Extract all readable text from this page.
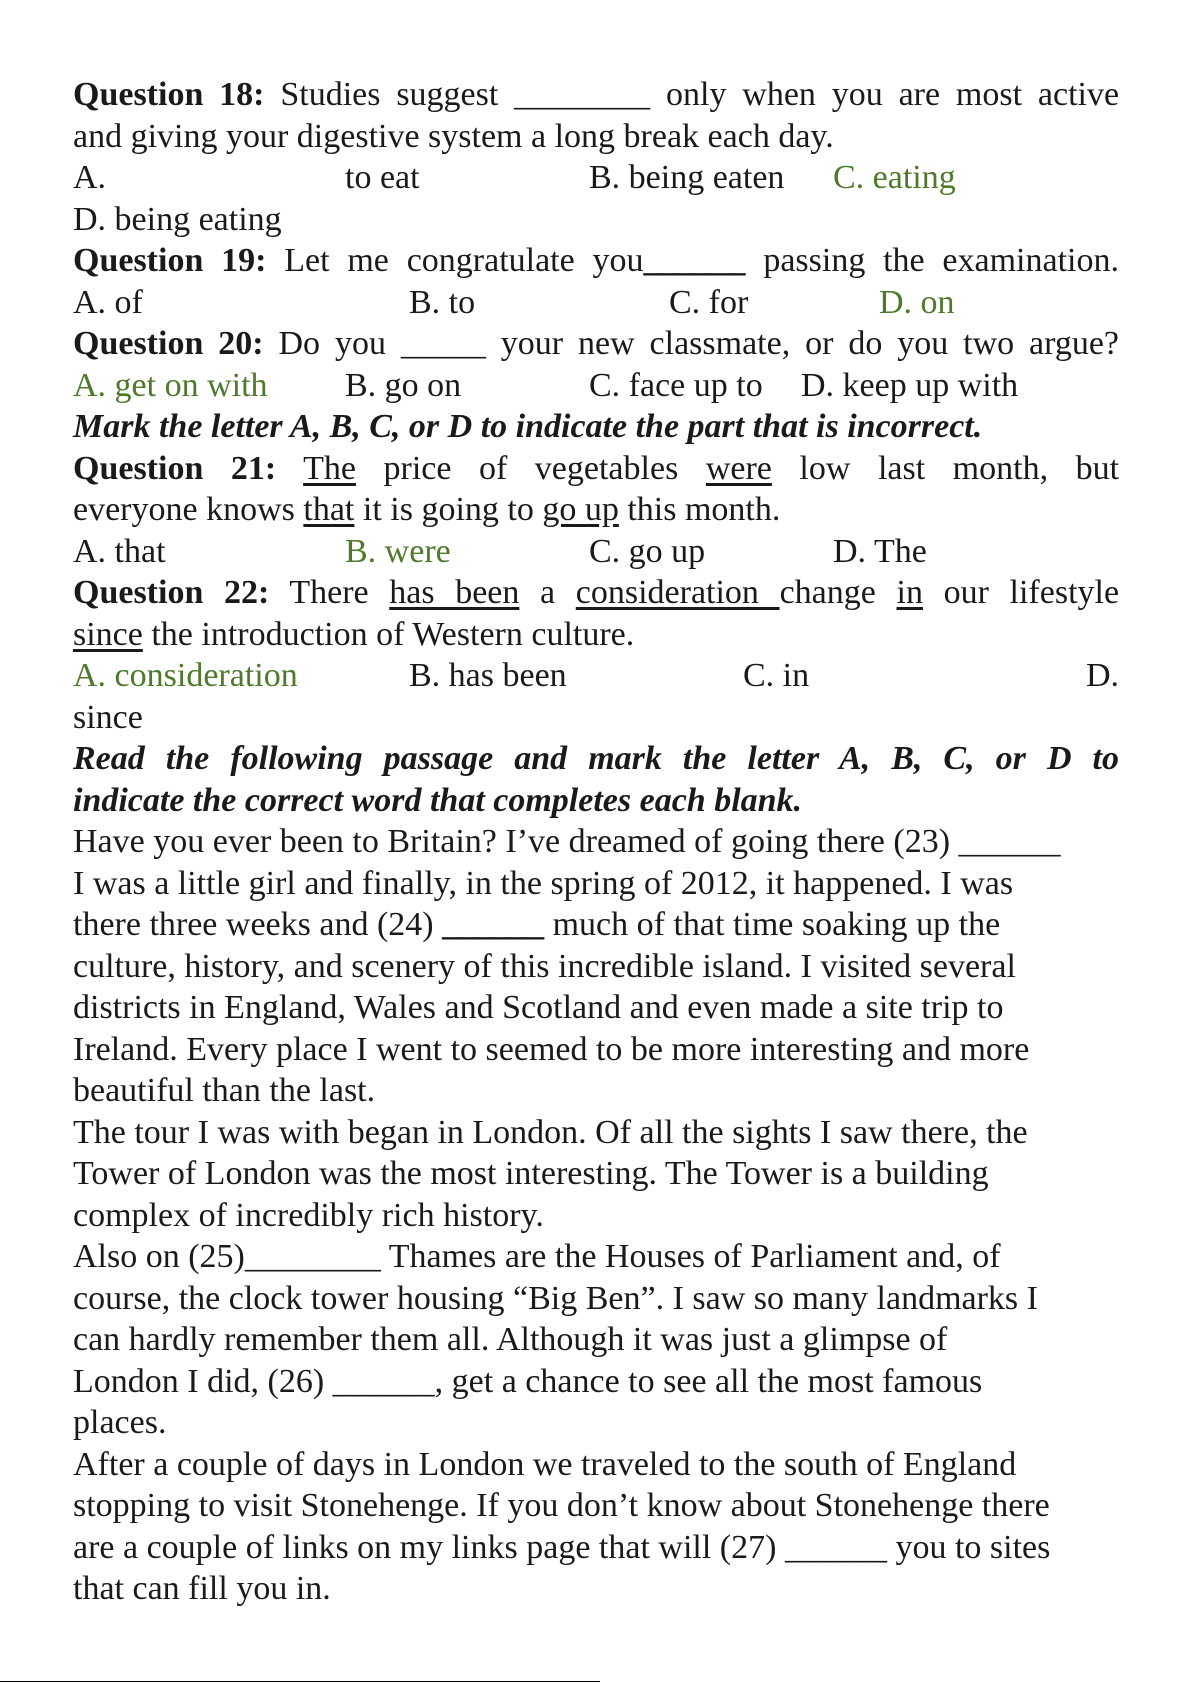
Question 18: Studies suggest ________ only when you are most active
and giving your digestive system a long break each day.
A.	to eat	B. being eaten C. eating
D. being eating
Question 19: Let me congratulate you______ passing the examination.
A. of	B. to	C. for	D. on
Question 20: Do you _____ your new classmate, or do you two argue?
A. get on with B. go on	C. face up to D. keep up with
Mark the letter A, B, C, or D to indicate the part that is incorrect.
Question 21: The price of vegetables were low last month, but
everyone knows that it is going to go up this month.
A. that	B. were	C. go up	D. The
Question 22: There has been a consideration change in our lifestyle
since the introduction of Western culture.
A. consideration	B. has been	C. in	D.
since
Read the following passage and mark the letter A, B, C, or D to
indicate the correct word that completes each blank.
Have you ever been to Britain? I’ve dreamed of going there (23) ______
I was a little girl and finally, in the spring of 2012, it happened. I was
there three weeks and (24) ______ much of that time soaking up the
culture, history, and scenery of this incredible island. I visited several
districts in England, Wales and Scotland and even made a site trip to
Ireland. Every place I went to seemed to be more interesting and more
beautiful than the last.
The tour I was with began in London. Of all the sights I saw there, the
Tower of London was the most interesting. The Tower is a building
complex of incredibly rich history.
Also on (25)________ Thames are the Houses of Parliament and, of
course, the clock tower housing “Big Ben”. I saw so many landmarks I
can hardly remember them all. Although it was just a glimpse of
London I did, (26) ______, get a chance to see all the most famous
places.
After a couple of days in London we traveled to the south of England
stopping to visit Stonehenge. If you don’t know about Stonehenge there
are a couple of links on my links page that will (27) ______ you to sites
that can fill you in.
